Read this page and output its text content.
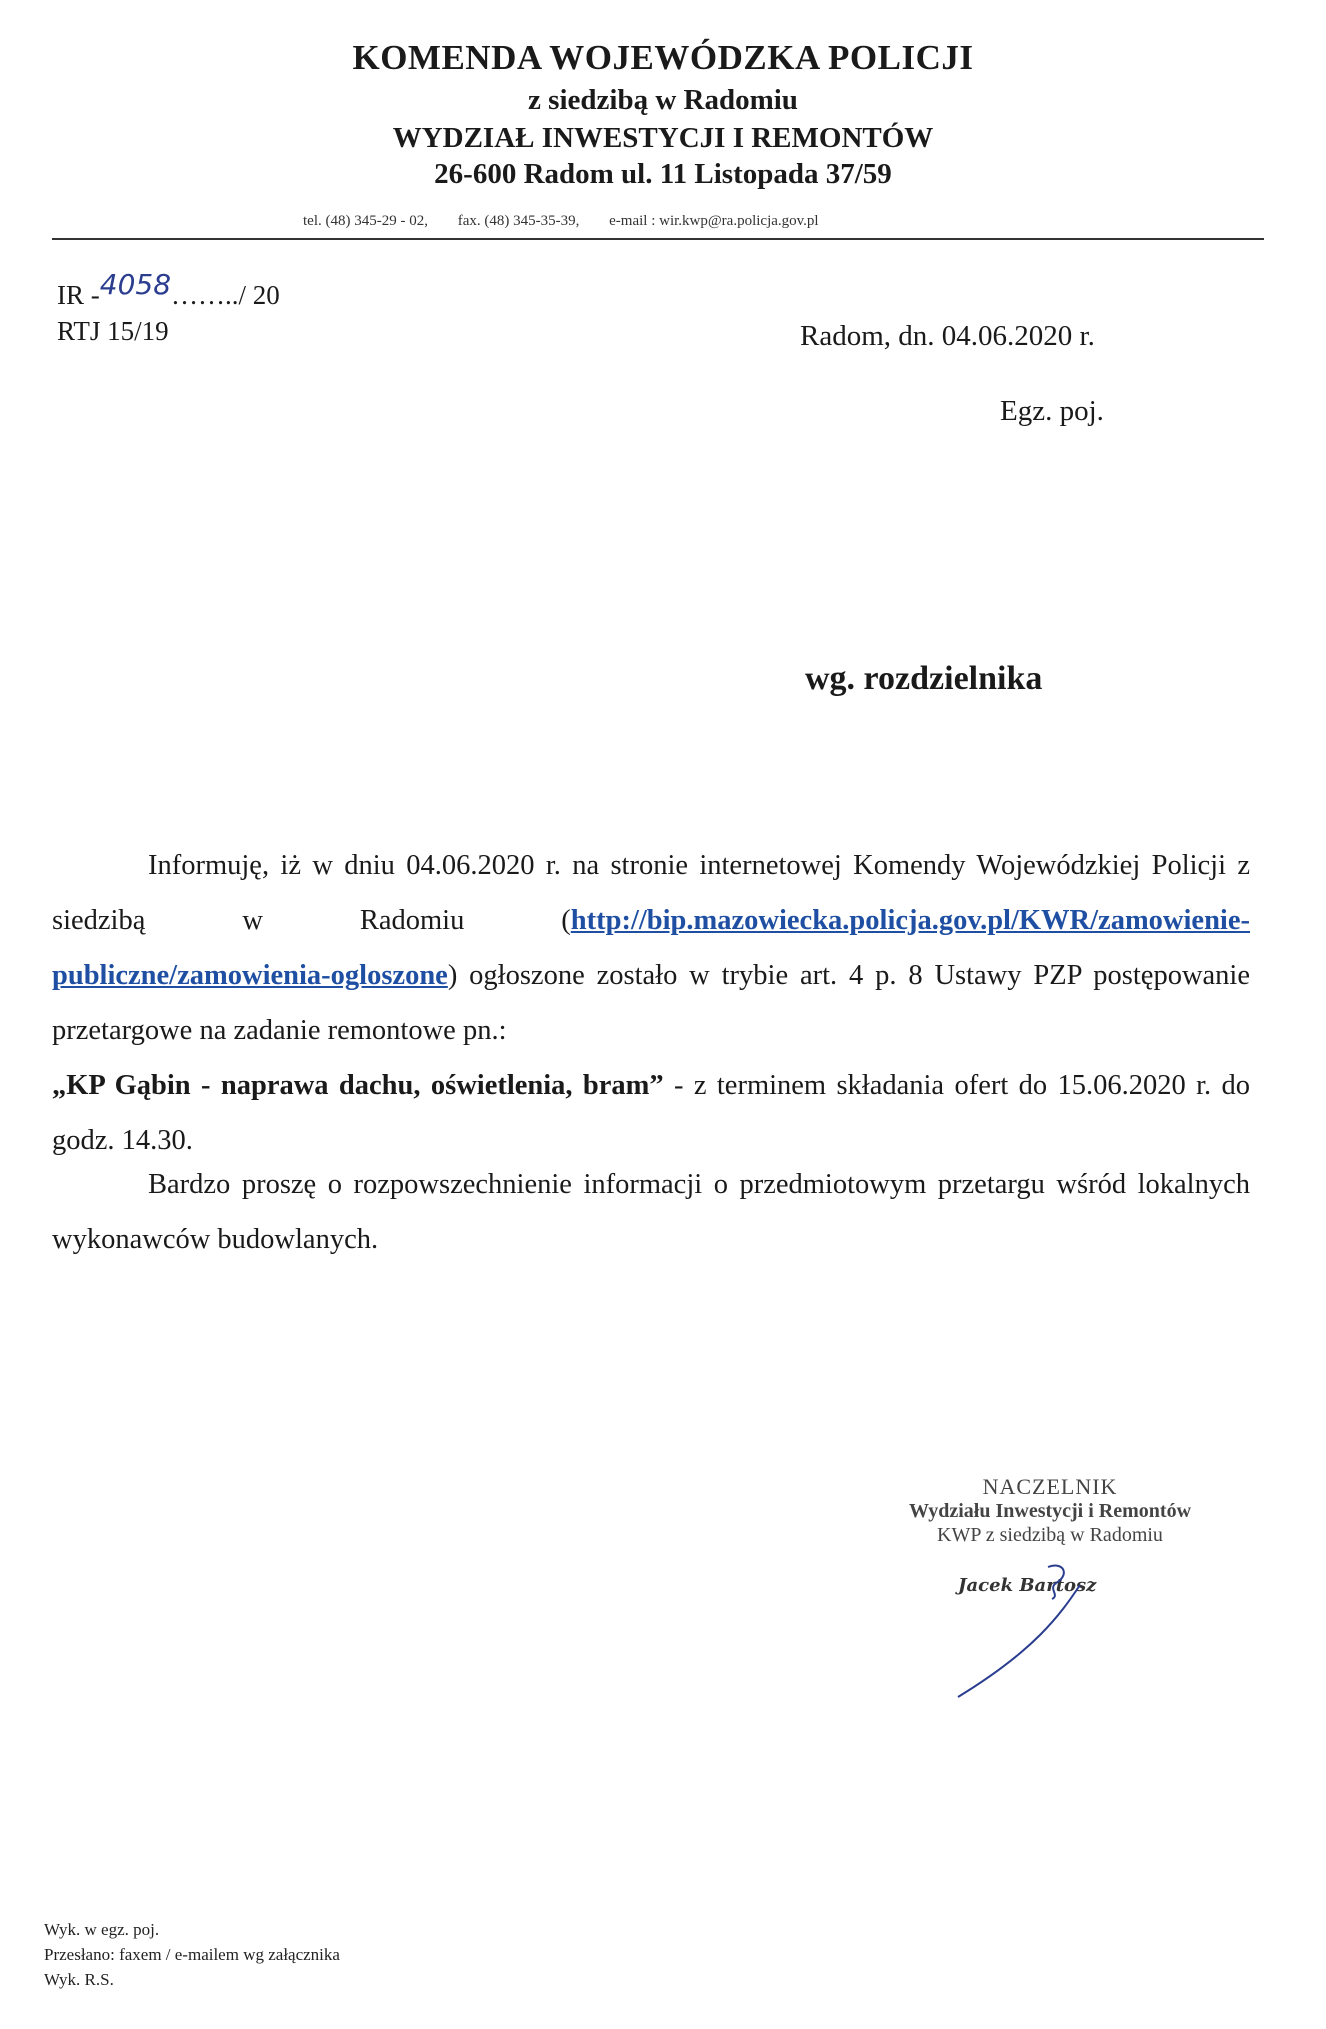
KOMENDA WOJEWÓDZKA POLICJI
z siedzibą w Radomiu
WYDZIAŁ INWESTYCJI I REMONTÓW
26-600 Radom ul. 11 Listopada 37/59
tel. (48) 345-29 - 02, fax. (48) 345-35-39, e-mail : wir.kwp@ra.policja.gov.pl
IR -4058……../ 20
RTJ 15/19	Radom, dn. 04.06.2020 r.
Egz. poj.
wg. rozdzielnika
Informuję, iż w dniu 04.06.2020 r. na stronie internetowej Komendy Wojewódzkiej Policji z siedzibą w Radomiu (http://bip.mazowiecka.policja.gov.pl/KWR/zamowienie-publiczne/zamowienia-ogloszone) ogłoszone zostało w trybie art. 4 p. 8 Ustawy PZP postępowanie przetargowe na zadanie remontowe pn.:
„KP Gąbin - naprawa dachu, oświetlenia, bram” - z terminem składania ofert do 15.06.2020 r. do godz. 14.30.
Bardzo proszę o rozpowszechnienie informacji o przedmiotowym przetargu wśród lokalnych wykonawców budowlanych.
NACZELNIK
Wydziału Inwestycji i Remontów
KWP z siedzibą w Radomiu
Jacek Bartosz
Wyk. w egz. poj.
Przesłano: faxem / e-mailem wg załącznika
Wyk. R.S.
